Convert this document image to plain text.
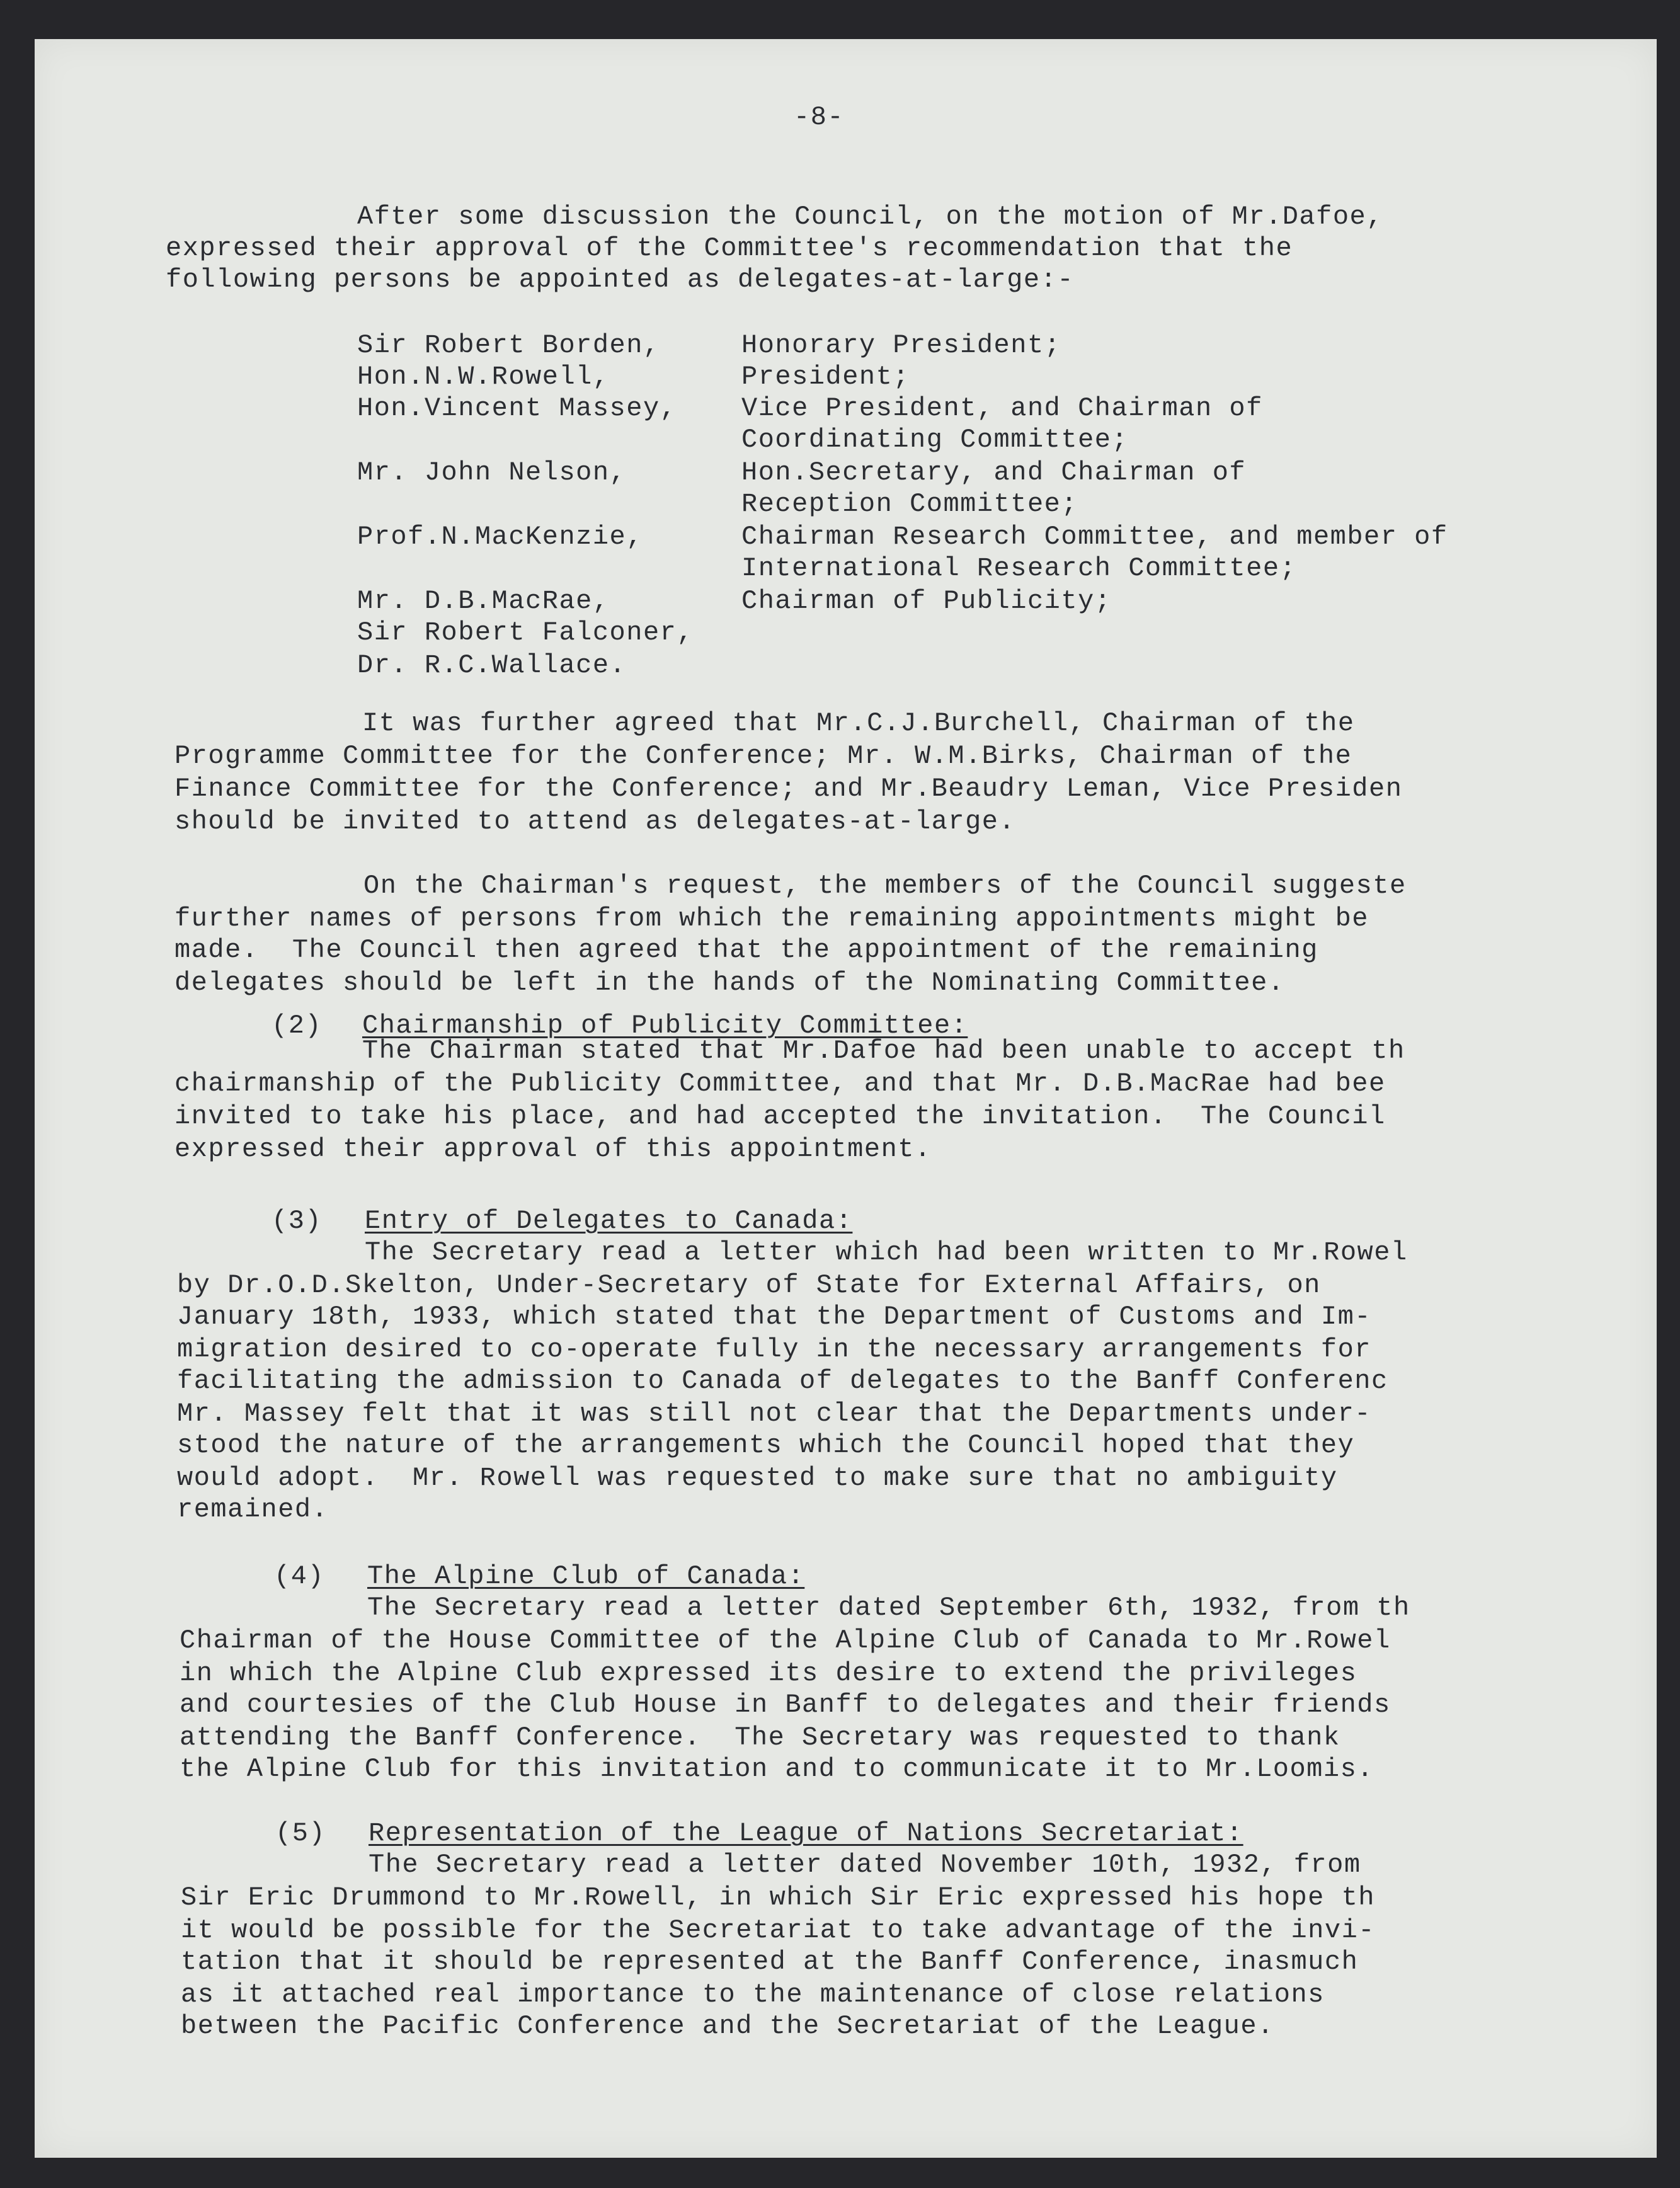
-8-
After some discussion the Council, on the motion of Mr.Dafoe,
expressed their approval of the Committee's recommendation that the
following persons be appointed as delegates-at-large:-
Sir Robert Borden,	Honorary President;
Hon.N.W.Rowell,	President;
Hon.Vincent Massey, Vice President, and Chairman of
Coordinating Committee;
Mr. John Nelson,	Hon.Secretary, and Chairman of
Reception Committee;
Prof.N.MacKenzie,	Chairman Research Committee, and member of
International Research Committee;
Mr. D.B.MacRae,	Chairman of Publicity;
Sir Robert Falconer,
Dr. R.C.Wallace.
It was further agreed that Mr.C.J.Burchell, Chairman of the
Programme Committee for the Conference; Mr. W.M.Birks, Chairman of the
Finance Committee for the Conference; and Mr.Beaudry Leman, Vice Presiden
should be invited to attend as delegates-at-large.
On the Chairman's request, the members of the Council suggeste
further names of persons from which the remaining appointments might be
made.  The Council then agreed that the appointment of the remaining
delegates should be left in the hands of the Nominating Committee.
(2) Chairmanship of Publicity Committee:
The Chairman stated that Mr.Dafoe had been unable to accept th
chairmanship of the Publicity Committee, and that Mr. D.B.MacRae had bee
invited to take his place, and had accepted the invitation.  The Council
expressed their approval of this appointment.
(3) Entry of Delegates to Canada:
The Secretary read a letter which had been written to Mr.Rowel
by Dr.O.D.Skelton, Under-Secretary of State for External Affairs, on
January 18th, 1933, which stated that the Department of Customs and Im-
migration desired to co-operate fully in the necessary arrangements for
facilitating the admission to Canada of delegates to the Banff Conferenc
Mr. Massey felt that it was still not clear that the Departments under-
stood the nature of the arrangements which the Council hoped that they
would adopt.  Mr. Rowell was requested to make sure that no ambiguity
remained.
(4) The Alpine Club of Canada:
The Secretary read a letter dated September 6th, 1932, from th
Chairman of the House Committee of the Alpine Club of Canada to Mr.Rowel
in which the Alpine Club expressed its desire to extend the privileges
and courtesies of the Club House in Banff to delegates and their friends
attending the Banff Conference.  The Secretary was requested to thank
the Alpine Club for this invitation and to communicate it to Mr.Loomis.
(5) Representation of the League of Nations Secretariat:
The Secretary read a letter dated November 10th, 1932, from
Sir Eric Drummond to Mr.Rowell, in which Sir Eric expressed his hope th
it would be possible for the Secretariat to take advantage of the invi-
tation that it should be represented at the Banff Conference, inasmuch
as it attached real importance to the maintenance of close relations
between the Pacific Conference and the Secretariat of the League.
